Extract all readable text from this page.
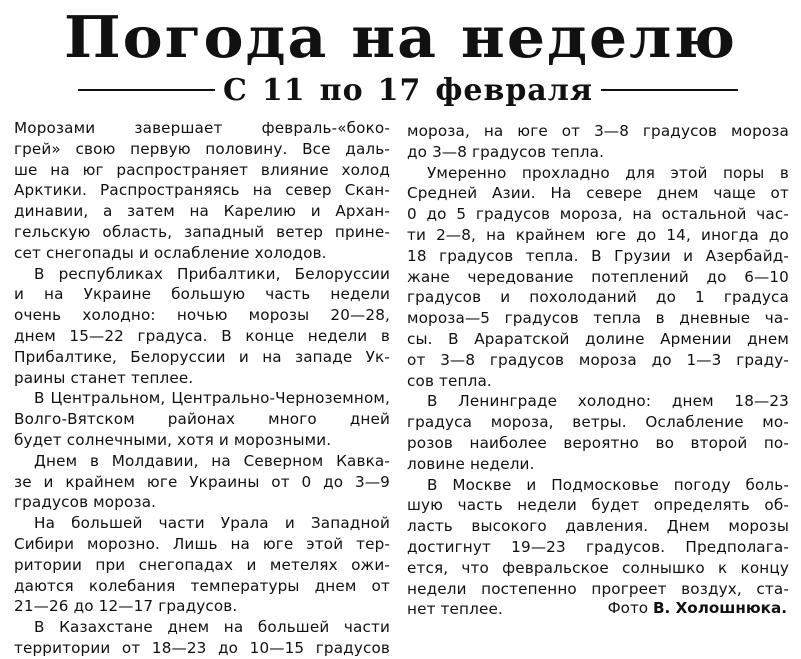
Погода на неделю
С 11 по 17 февраля
Морозами завершает февраль-«боко-
грей» свою первую половину. Все даль-
ше на юг распространяет влияние холод
Арктики. Распространяясь на север Скан-
динавии, а затем на Карелию и Архан-
гельскую область, западный ветер прине-
сет снегопады и ослабление холодов.
В республиках Прибалтики, Белоруссии
и на Украине большую часть недели
очень холодно: ночью морозы 20—28,
днем 15—22 градуса. В конце недели в
Прибалтике, Белоруссии и на западе Ук-
раины станет теплее.
В Центральном, Центрально-Черноземном,
Волго-Вятском районах много дней
будет солнечными, хотя и морозными.
Днем в Молдавии, на Северном Кавка-
зе и крайнем юге Украины от 0 до 3—9
градусов мороза.
На большей части Урала и Западной
Сибири морозно. Лишь на юге этой тер-
ритории при снегопадах и метелях ожи-
даются колебания температуры днем от
21—26 до 12—17 градусов.
В Казахстане днем на большей части
территории от 18—23 до 10—15 градусов
мороза, на юге от 3—8 градусов мороза
до 3—8 градусов тепла.
Умеренно прохладно для этой поры в
Средней Азии. На севере днем чаще от
0 до 5 градусов мороза, на остальной час-
ти 2—8, на крайнем юге до 14, иногда до
18 градусов тепла. В Грузии и Азербайд-
жане чередование потеплений до 6—10
градусов и похолоданий до 1 градуса
мороза—5 градусов тепла в дневные ча-
сы. В Араратской долине Армении днем
от 3—8 градусов мороза до 1—3 граду-
сов тепла.
В Ленинграде холодно: днем 18—23
градуса мороза, ветры. Ослабление мо-
розов наиболее вероятно во второй по-
ловине недели.
В Москве и Подмосковье погоду боль-
шую часть недели будет определять об-
ласть высокого давления. Днем морозы
достигнут 19—23 градусов. Предполага-
ется, что февральское солнышко к концу
недели постепенно прогреет воздух, ста-
нет теплее.	Фото В. Холошнюка.
